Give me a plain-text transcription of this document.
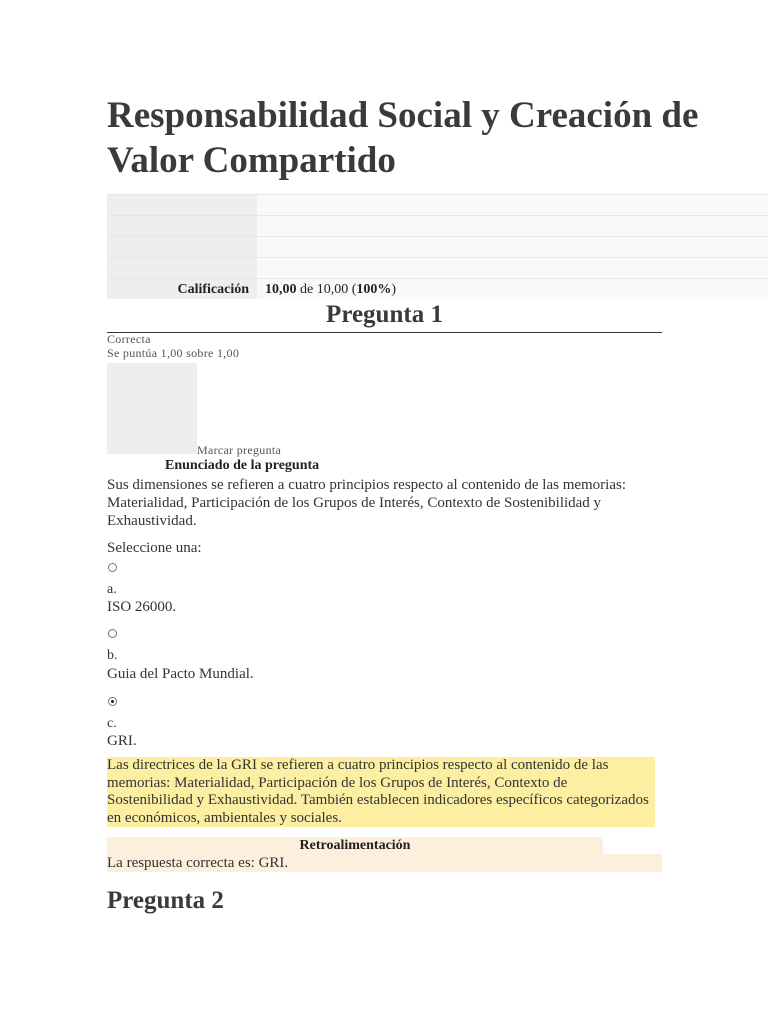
Responsabilidad Social y Creación de Valor Compartido
Calificación	10,00 de 10,00 (100%)
Pregunta 1
Correcta
Se puntúa 1,00 sobre 1,00
Marcar pregunta
Enunciado de la pregunta
Sus dimensiones se refieren a cuatro principios respecto al contenido de las memorias: Materialidad, Participación de los Grupos de Interés, Contexto de Sostenibilidad y Exhaustividad.
Seleccione una:
a.
ISO 26000.
b.
Guia del Pacto Mundial.
c.
GRI.

Las directrices de la GRI se refieren a cuatro principios respecto al contenido de las memorias: Materialidad, Participación de los Grupos de Interés, Contexto de Sostenibilidad y Exhaustividad. También establecen indicadores específicos categorizados en económicos, ambientales y sociales.

Retroalimentación
La respuesta correcta es: GRI.
Pregunta 2
